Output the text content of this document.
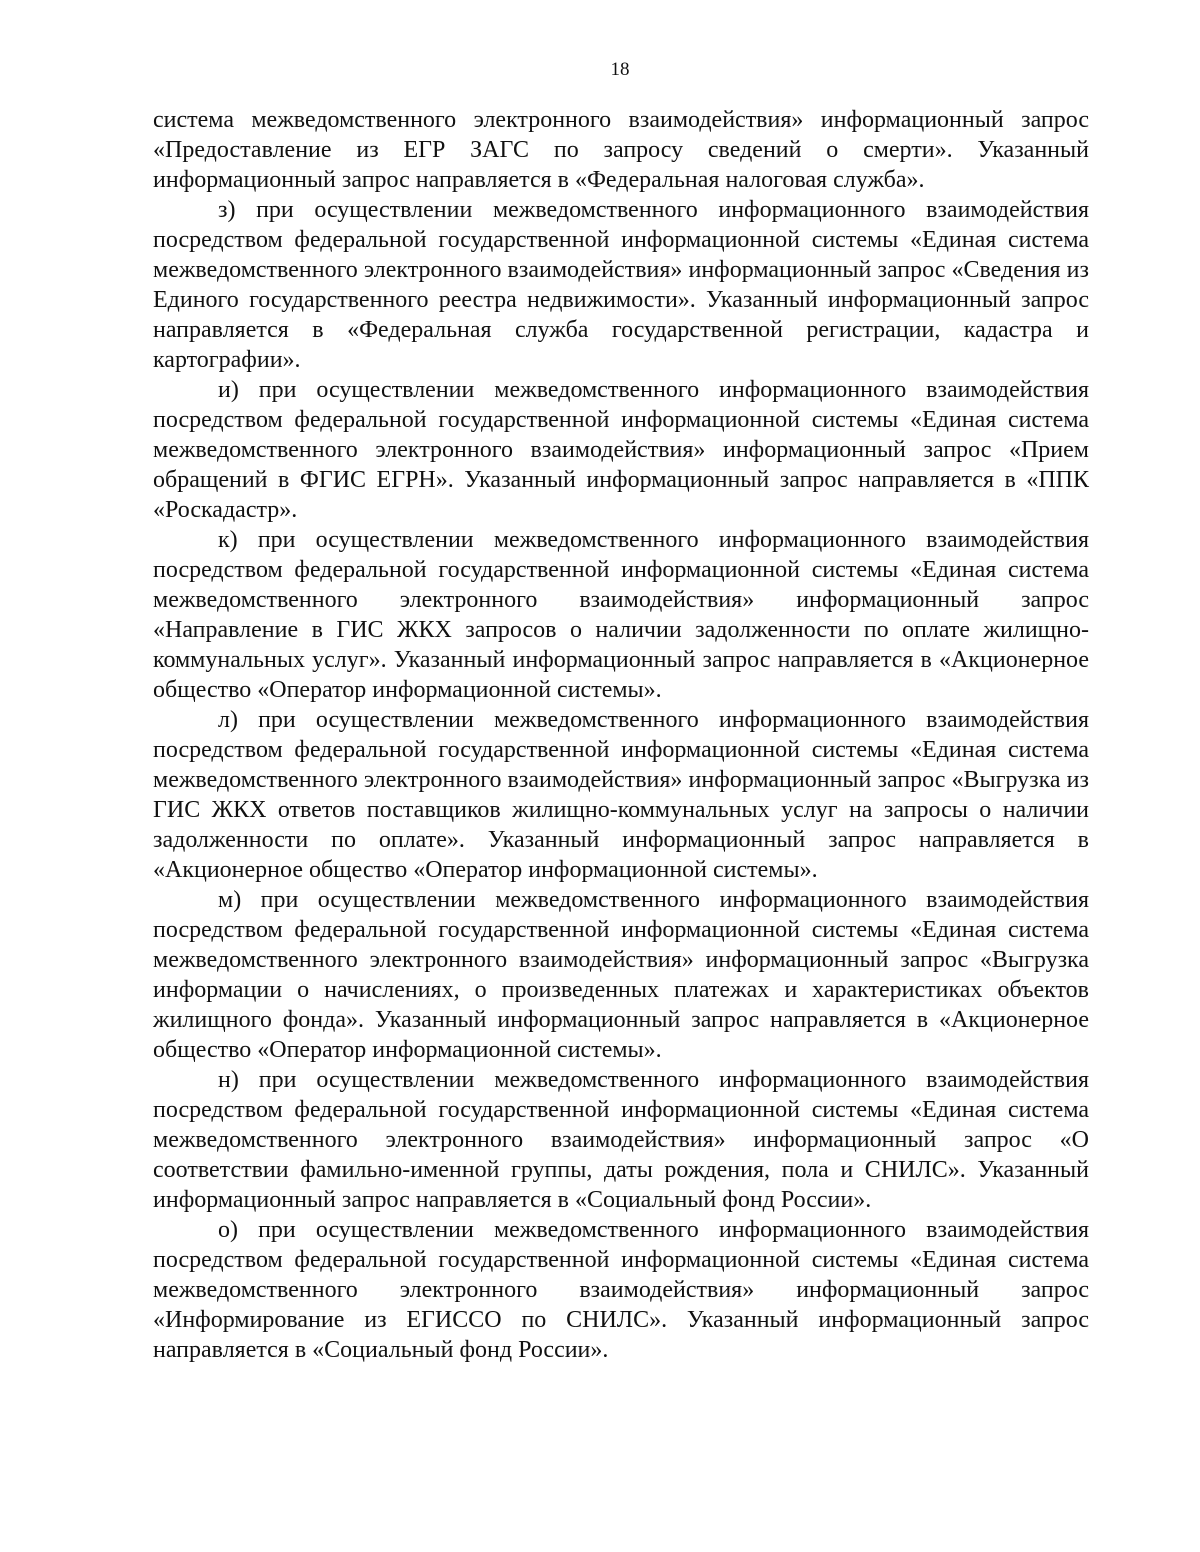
18

система межведомственного электронного взаимодействия» информационный запрос «Предоставление из ЕГР ЗАГС по запросу сведений о смерти». Указанный информационный запрос направляется в «Федеральная налоговая служба».

з) при осуществлении межведомственного информационного взаимодействия посредством федеральной государственной информационной системы «Единая система межведомственного электронного взаимодействия» информационный запрос «Сведения из Единого государственного реестра недвижимости». Указанный информационный запрос направляется в «Федеральная служба государственной регистрации, кадастра и картографии».

и) при осуществлении межведомственного информационного взаимодействия посредством федеральной государственной информационной системы «Единая система межведомственного электронного взаимодействия» информационный запрос «Прием обращений в ФГИС ЕГРН». Указанный информационный запрос направляется в «ППК «Роскадастр».

к) при осуществлении межведомственного информационного взаимодействия посредством федеральной государственной информационной системы «Единая система межведомственного электронного взаимодействия» информационный запрос «Направление в ГИС ЖКХ запросов о наличии задолженности по оплате жилищно-коммунальных услуг». Указанный информационный запрос направляется в «Акционерное общество «Оператор информационной системы».

л) при осуществлении межведомственного информационного взаимодействия посредством федеральной государственной информационной системы «Единая система межведомственного электронного взаимодействия» информационный запрос «Выгрузка из ГИС ЖКХ ответов поставщиков жилищно-коммунальных услуг на запросы о наличии задолженности по оплате». Указанный информационный запрос направляется в «Акционерное общество «Оператор информационной системы».

м) при осуществлении межведомственного информационного взаимодействия посредством федеральной государственной информационной системы «Единая система межведомственного электронного взаимодействия» информационный запрос «Выгрузка информации о начислениях, о произведенных платежах и характеристиках объектов жилищного фонда». Указанный информационный запрос направляется в «Акционерное общество «Оператор информационной системы».

н) при осуществлении межведомственного информационного взаимодействия посредством федеральной государственной информационной системы «Единая система межведомственного электронного взаимодействия» информационный запрос «О соответствии фамильно-именной группы, даты рождения, пола и СНИЛС». Указанный информационный запрос направляется в «Социальный фонд России».

о) при осуществлении межведомственного информационного взаимодействия посредством федеральной государственной информационной системы «Единая система межведомственного электронного взаимодействия» информационный запрос «Информирование из ЕГИССО по СНИЛС». Указанный информационный запрос направляется в «Социальный фонд России».
